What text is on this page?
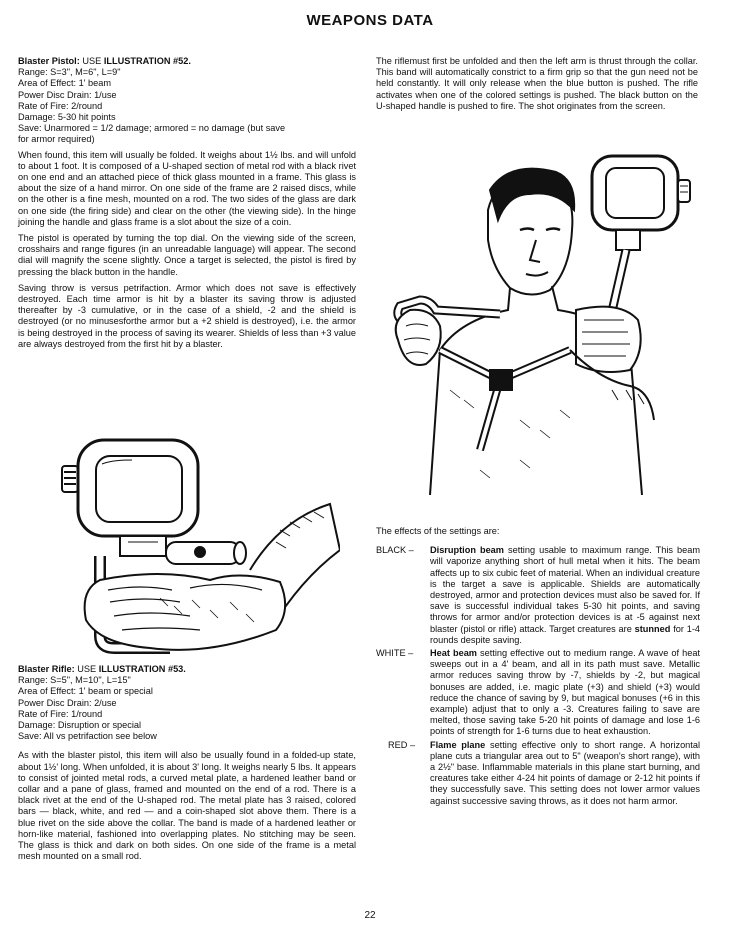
WEAPONS DATA
Blaster Pistol: USE ILLUSTRATION #52.
Range: S=3", M=6", L=9"
Area of Effect: 1' beam
Power Disc Drain: 1/use
Rate of Fire: 2/round
Damage: 5-30 hit points
Save: Unarmored = 1/2 damage; armored = no damage (but save
for armor required)

When found, this item will usually be folded. It weighs about 1½ lbs. and will unfold to about 1 foot. It is composed of a U-shaped section of metal rod with a black rivet on one end and an attached piece of thick glass mounted in a frame. This glass is about the size of a hand mirror. On one side of the frame are 2 raised discs, while on the other is a fine mesh, mounted on a rod. The two sides of the glass are dark on one side (the firing side) and clear on the other (the viewing side). In the hinge joining the handle and glass frame is a slot about the size of a coin.

The pistol is operated by turning the top dial. On the viewing side of the screen, crosshairs and range figures (in an unreadable language) will appear. The second dial will magnify the scene slightly. Once a target is selected, the pistol is fired by pressing the black button in the handle.

Saving throw is versus petrifaction. Armor which does not save is effectively destroyed. Each time armor is hit by a blaster its saving throw is adjusted thereafter by -3 cumulative, or in the case of a shield, -2 and the shield is destroyed (or no minusesforthe armor but a +2 shield is destroyed), i.e. the armor is being destroyed in the process of saving its wearer. Shields of less than +3 value are always destroyed from the first hit by a blaster.

Blaster Rifle: USE ILLUSTRATION #53.
Range: S=5", M=10", L=15"
Area of Effect: 1' beam or special
Power Disc Drain: 2/use
Rate of Fire: 1/round
Damage: Disruption or special
Save: All vs petrifaction see below

As with the blaster pistol, this item will also be usually found in a folded-up state, about 1½' long. When unfolded, it is about 3' long. It weighs nearly 5 lbs. It appears to consist of jointed metal rods, a curved metal plate, a hardened leather band or collar and a pane of glass, framed and mounted on the end of a rod. There is a black rivet at the end of the U-shaped rod. The metal plate has 3 raised, colored bars — black, white, and red — and a coin-shaped slot above them. There is a blue rivet on the side above the collar. The band is made of a hardened leather or horn-like material, fashioned into overlapping plates. No stitching may be seen. The glass is thick and dark on both sides. On one side of the frame is a metal mesh mounted on a small rod.

The riflemust first be unfolded and then the left arm is thrust through the collar. This band will automatically constrict to a firm grip so that the gun need not be held constantly. It will only release when the blue button is pushed. The rifle activates when one of the colored settings is pushed. The black button on the U-shaped handle is pushed to fire. The shot originates from the screen.

The effects of the settings are:

BLACK – Disruption beam setting usable to maximum range. This beam will vaporize anything short of hull metal when it hits. The beam affects up to six cubic feet of material. When an individual creature is the target a save is applicable. Shields are automatically destroyed, armor and protection devices must also be saved for. If save is successful individual takes 5-30 hit points, and saving throws for armor and/or protection devices is at -5 against next blaster (pistol or rifle) attack. Target creatures are stunned for 1-4 rounds despite saving.
WHITE – Heat beam setting effective out to medium range. A wave of heat sweeps out in a 4' beam, and all in its path must save. Metallic armor reduces saving throw by -7, shields by -2, but magical bonuses are added, i.e. magic plate (+3) and shield (+3) would reduce the chance of saving by 9, but magical bonuses (+6 in this example) adjust that to only a -3. Creatures failing to save are melted, those saving take 5-20 hit points of damage and lose 1-6 points of strength for 1-6 turns due to heat exhaustion.
RED – Flame plane setting effective only to short range. A horizontal plane cuts a triangular area out to 5" (weapon's short range), with a 2½" base. Inflammable materials in this plane start burning, and creatures take either 4-24 hit points of damage or 2-12 hit points if they successfully save. This setting does not lower armor values against successive saving throws, as it does not harm armor.
22
